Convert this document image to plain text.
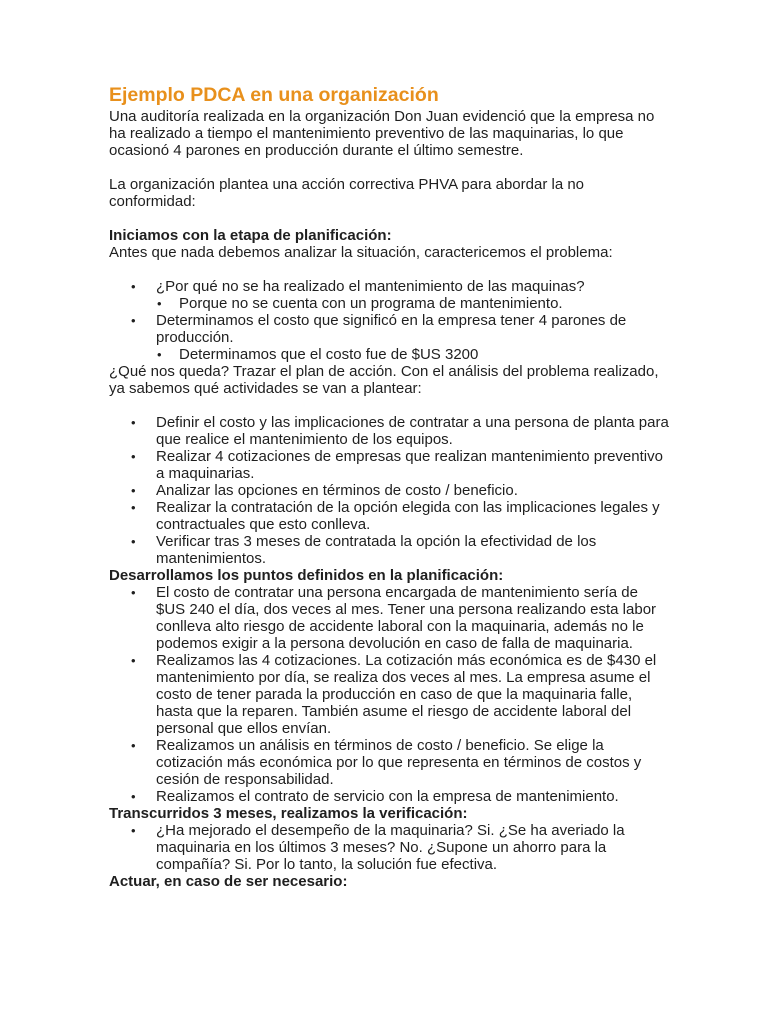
Ejemplo PDCA en una organización

Una auditoría realizada en la organización Don Juan evidenció que la empresa no ha realizado a tiempo el mantenimiento preventivo de las maquinarias, lo que ocasionó 4 parones en producción durante el último semestre.

La organización plantea una acción correctiva PHVA para abordar la no conformidad:

Iniciamos con la etapa de planificación:

Antes que nada debemos analizar la situación, caractericemos el problema:

• ¿Por qué no se ha realizado el mantenimiento de las maquinas?
• Porque no se cuenta con un programa de mantenimiento.
• Determinamos el costo que significó en la empresa tener 4 parones de producción.
• Determinamos que el costo fue de $US 3200

¿Qué nos queda? Trazar el plan de acción. Con el análisis del problema realizado, ya sabemos qué actividades se van a plantear:

• Definir el costo y las implicaciones de contratar a una persona de planta para que realice el mantenimiento de los equipos.
• Realizar 4 cotizaciones de empresas que realizan mantenimiento preventivo a maquinarias.
• Analizar las opciones en términos de costo / beneficio.
• Realizar la contratación de la opción elegida con las implicaciones legales y contractuales que esto conlleva.
• Verificar tras 3 meses de contratada la opción la efectividad de los mantenimientos.

Desarrollamos los puntos definidos en la planificación:

• El costo de contratar una persona encargada de mantenimiento sería de $US 240 el día, dos veces al mes. Tener una persona realizando esta labor conlleva alto riesgo de accidente laboral con la maquinaria, además no le podemos exigir a la persona devolución en caso de falla de maquinaria.
• Realizamos las 4 cotizaciones. La cotización más económica es de $430 el mantenimiento por día, se realiza dos veces al mes. La empresa asume el costo de tener parada la producción en caso de que la maquinaria falle, hasta que la reparen. También asume el riesgo de accidente laboral del personal que ellos envían.
• Realizamos un análisis en términos de costo / beneficio. Se elige la cotización más económica por lo que representa en términos de costos y cesión de responsabilidad.
• Realizamos el contrato de servicio con la empresa de mantenimiento.

Transcurridos 3 meses, realizamos la verificación:

• ¿Ha mejorado el desempeño de la maquinaria? Si. ¿Se ha averiado la maquinaria en los últimos 3 meses? No. ¿Supone un ahorro para la compañía? Si. Por lo tanto, la solución fue efectiva.

Actuar, en caso de ser necesario:
